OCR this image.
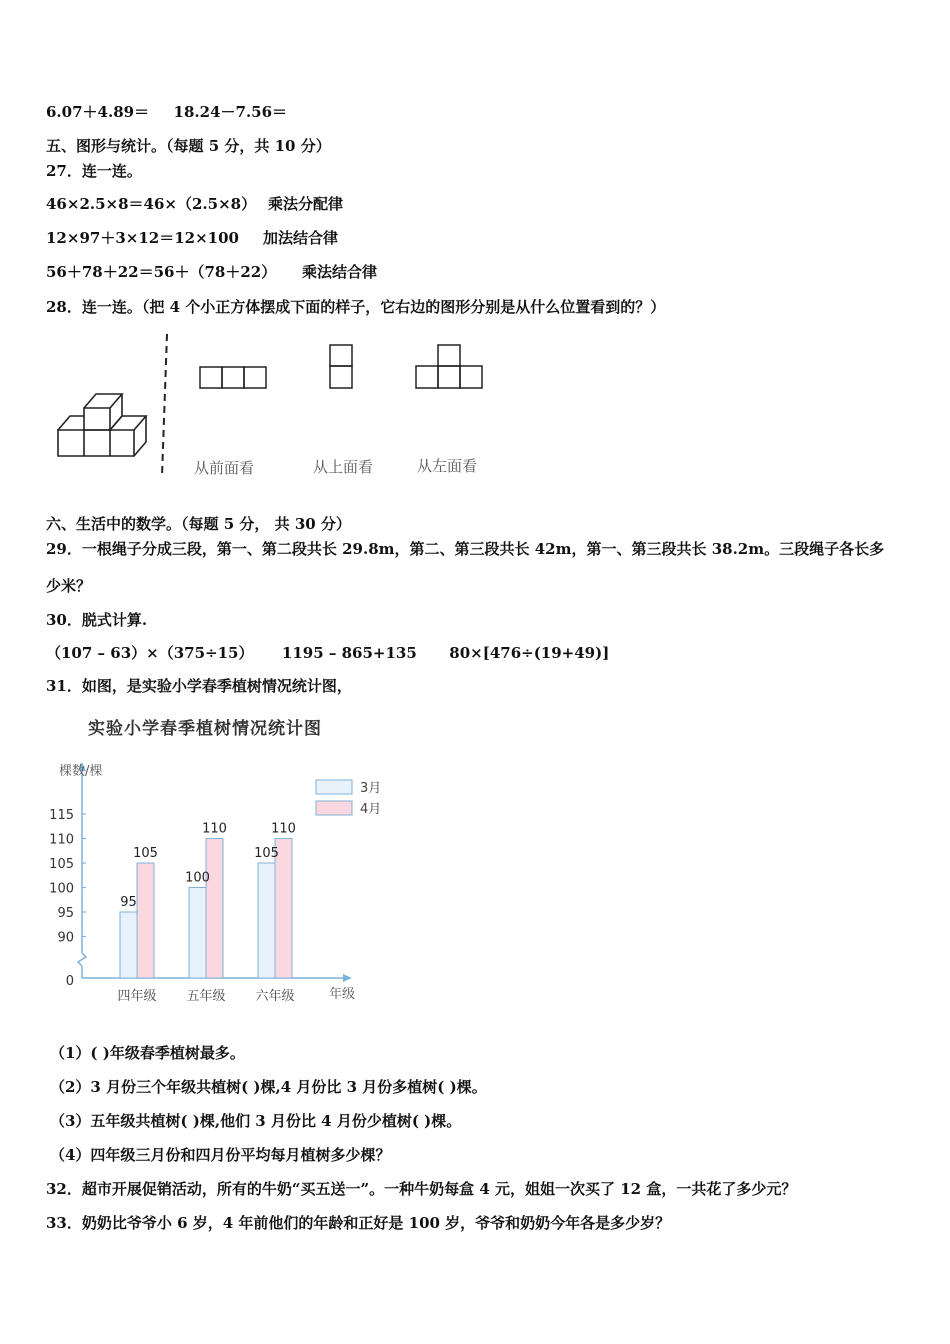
6.07＋4.89＝ 18.24－7.56＝
五、图形与统计。（每题 5 分，共 10 分）
27．连一连。
46×2.5×8＝46×（2.5×8） 乘法分配律
12×97＋3×12＝12×100 加法结合律
56＋78＋22＝56＋（78＋22） 乘法结合律
28．连一连。（把 4 个小正方体摆成下面的样子，它右边的图形分别是从什么位置看到的？）
从前面看	从上面看	从左面看
六、生活中的数学。（每题 5 分， 共 30 分）
29．一根绳子分成三段，第一、第二段共长 29.8m，第二、第三段共长 42m，第一、第三段共长 38.2m。三段绳子各长多
少米？
30．脱式计算.
（107 – 63）×（375÷15） 1195 – 865+135 80×[476÷(19+49)]
31．如图，是实验小学春季植树情况统计图，
实验小学春季植树情况统计图
0
90
95
100
105
110
115
棵数/棵
年级
95
105
四年级
100
110
五年级
105
110
六年级
3月
4月
（1）( )年级春季植树最多。
（2）3 月份三个年级共植树( )棵,4 月份比 3 月份多植树( )棵。
（3）五年级共植树( )棵,他们 3 月份比 4 月份少植树( )棵。
（4）四年级三月份和四月份平均每月植树多少棵？
32．超市开展促销活动，所有的牛奶“买五送一”。一种牛奶每盒 4 元，姐姐一次买了 12 盒，一共花了多少元？
33．奶奶比爷爷小 6 岁，4 年前他们的年龄和正好是 100 岁，爷爷和奶奶今年各是多少岁？
